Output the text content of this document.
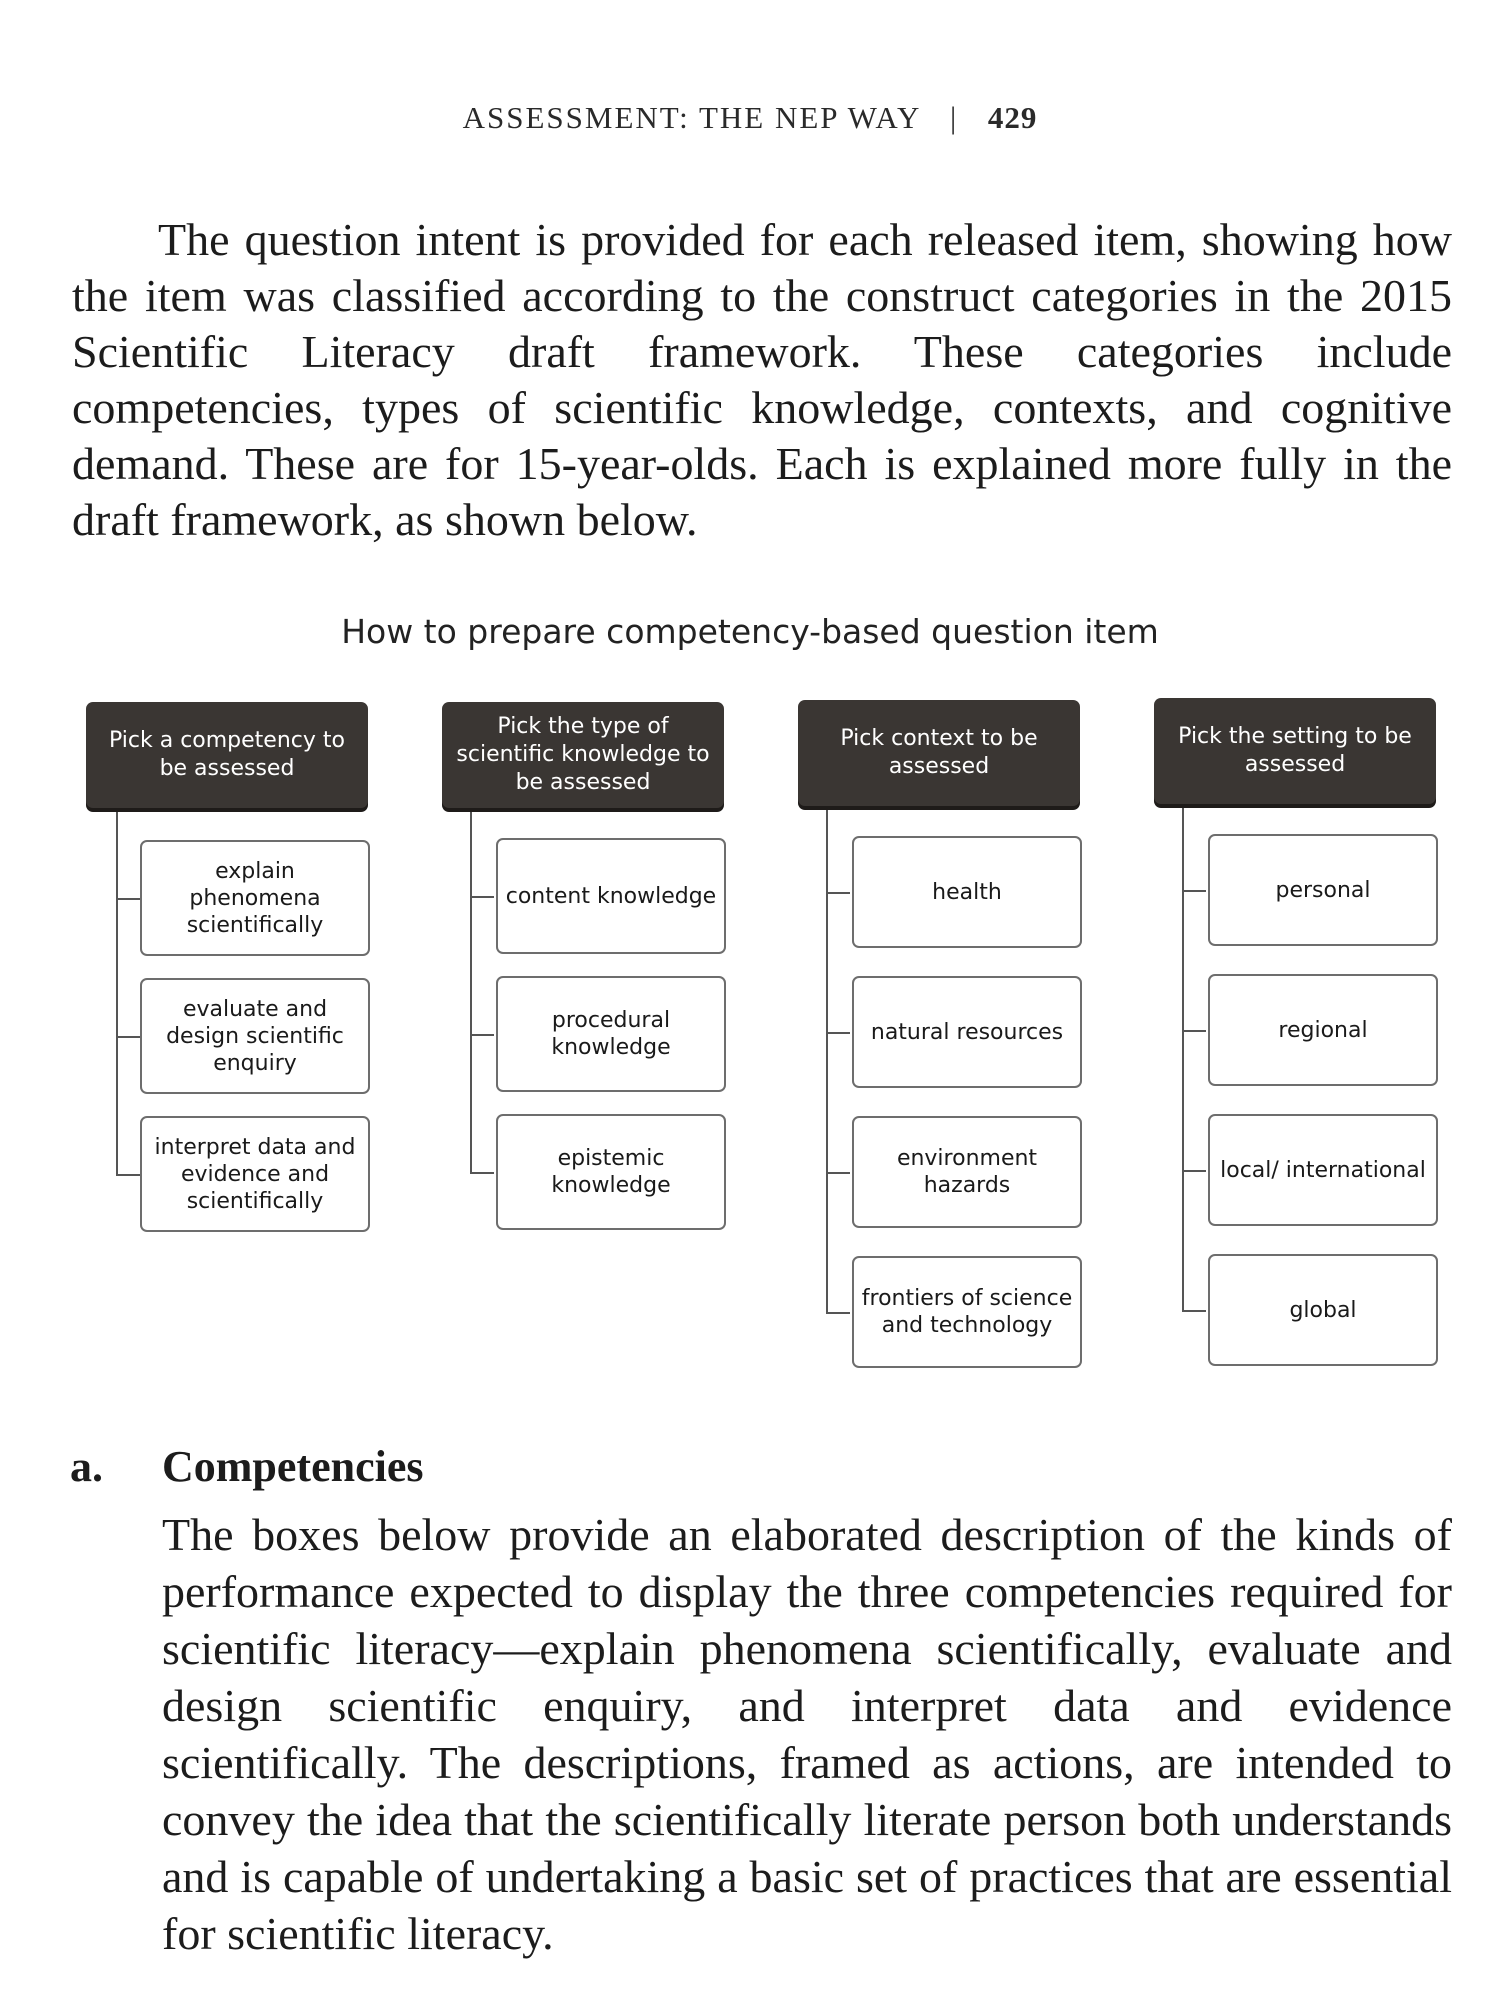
ASSESSMENT: THE NEP WAY | 429

The question intent is provided for each released item, showing how the item was classified according to the construct categories in the 2015 Scientific Literacy draft framework. These categories include competencies, types of scientific knowledge, contexts, and cognitive demand. These are for 15-year-olds. Each is explained more fully in the draft framework, as shown below.

How to prepare competency-based question item
Pick a competency to be assessed
explain phenomena scientifically
evaluate and design scientific enquiry
interpret data and evidence and scientifically
Pick the type of scientific knowledge to be assessed
content knowledge
procedural knowledge
epistemic knowledge
Pick context to be assessed
health
natural resources
environment hazards
frontiers of science and technology
Pick the setting to be assessed
personal
regional
local/ international
global
a. Competencies

The boxes below provide an elaborated description of the kinds of performance expected to display the three competencies required for scientific literacy—explain phenomena scientifically, evaluate and design scientific enquiry, and interpret data and evidence scientifically. The descriptions, framed as actions, are intended to convey the idea that the scientifically literate person both understands and is capable of undertaking a basic set of practices that are essential for scientific literacy.
